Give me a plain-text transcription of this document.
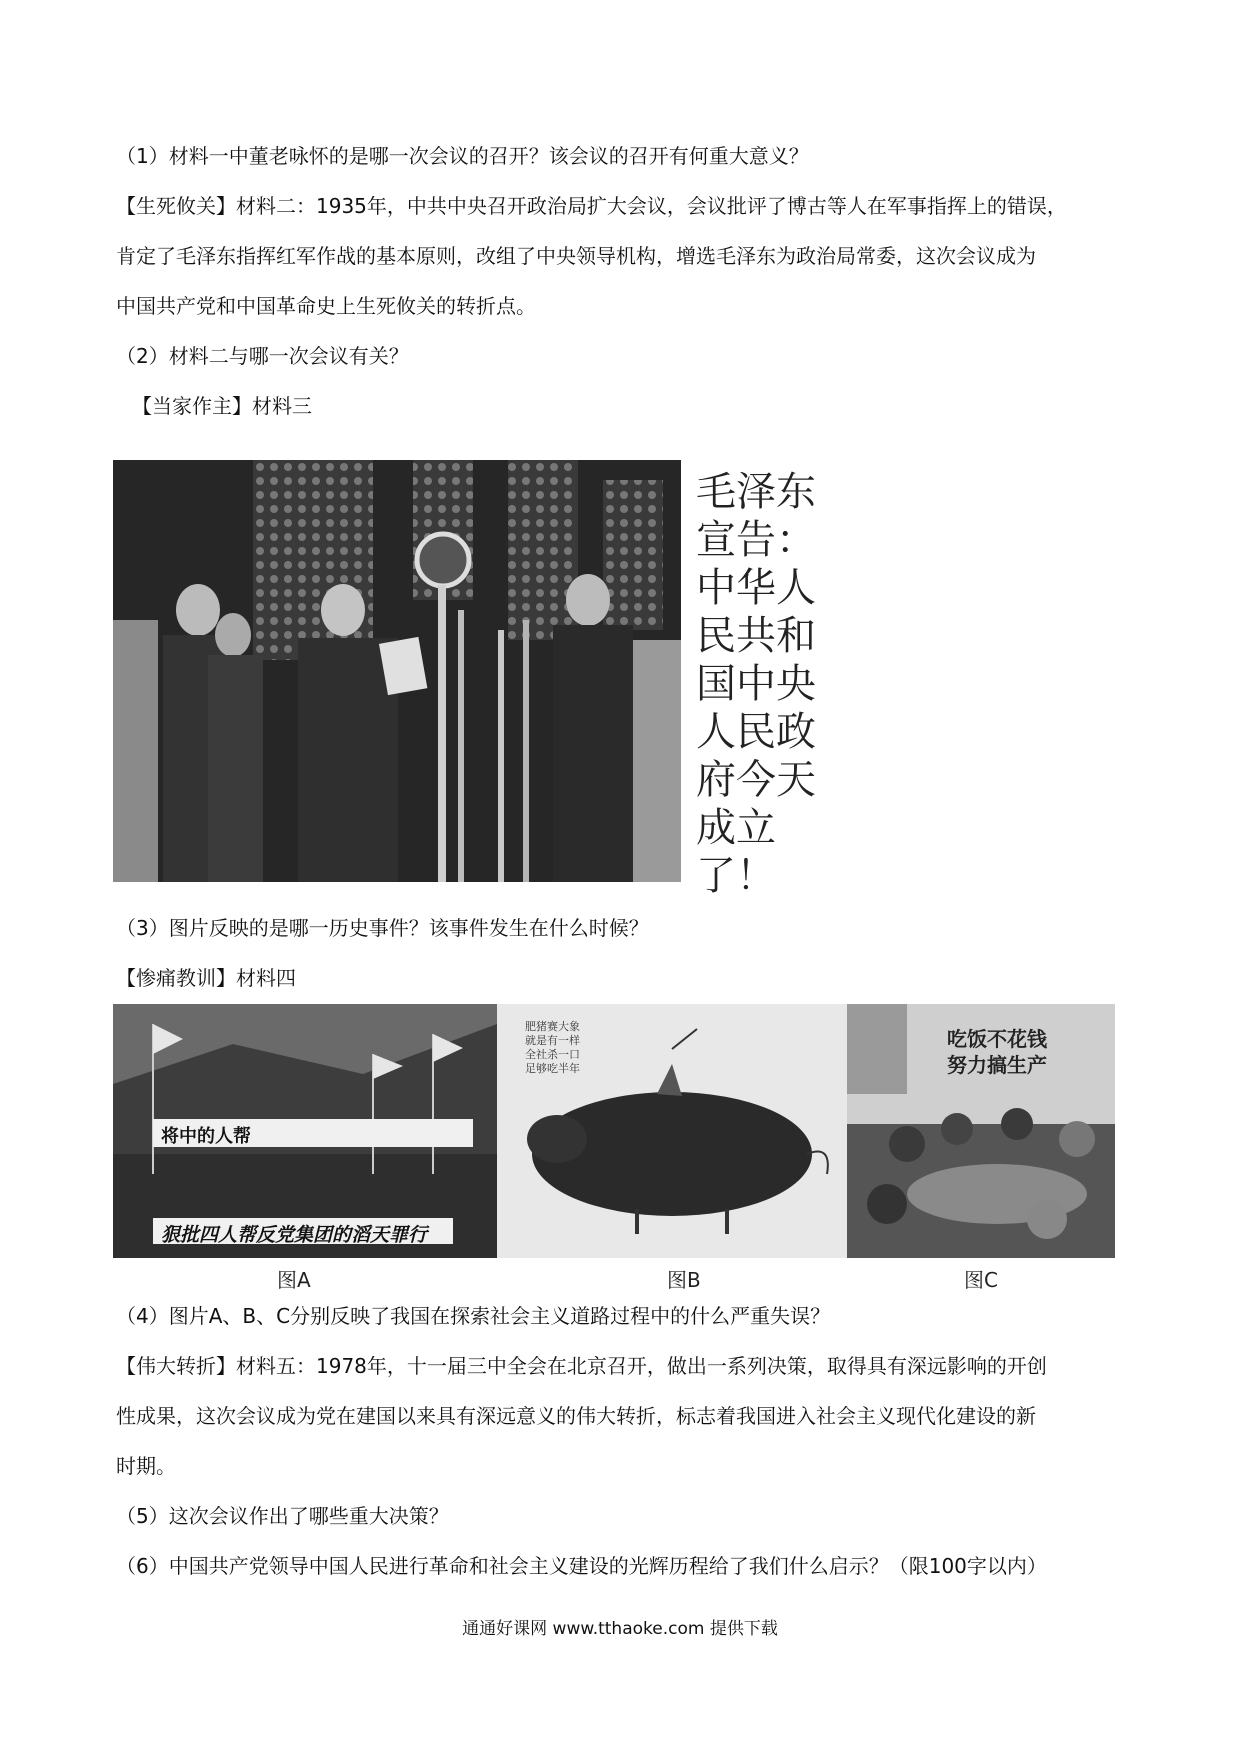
（1）材料一中董老咏怀的是哪一次会议的召开？该会议的召开有何重大意义？
【生死攸关】材料二：1935年，中共中央召开政治局扩大会议，会议批评了博古等人在军事指挥上的错误，
肯定了毛泽东指挥红军作战的基本原则，改组了中央领导机构，增选毛泽东为政治局常委，这次会议成为
中国共产党和中国革命史上生死攸关的转折点。
（2）材料二与哪一次会议有关？
【当家作主】材料三
毛泽东
宣告：
中华人
民共和
国中央
人民政
府今天
成立了！
（3）图片反映的是哪一历史事件？该事件发生在什么时候？
【惨痛教训】材料四
将中的人帮
狠批四人帮反党集团的滔天罪行
肥猪赛大象
就是有一样
全社杀一口
足够吃半年
吃饭不花钱
努力搞生产
图A	图B	图C
（4）图片A、B、C分别反映了我国在探索社会主义道路过程中的什么严重失误？
【伟大转折】材料五：1978年，十一届三中全会在北京召开，做出一系列决策，取得具有深远影响的开创
性成果，这次会议成为党在建国以来具有深远意义的伟大转折，标志着我国进入社会主义现代化建设的新
时期。
（5）这次会议作出了哪些重大决策？
（6）中国共产党领导中国人民进行革命和社会主义建设的光辉历程给了我们什么启示？（限100字以内）
通通好课网 www.tthaoke.com 提供下载
